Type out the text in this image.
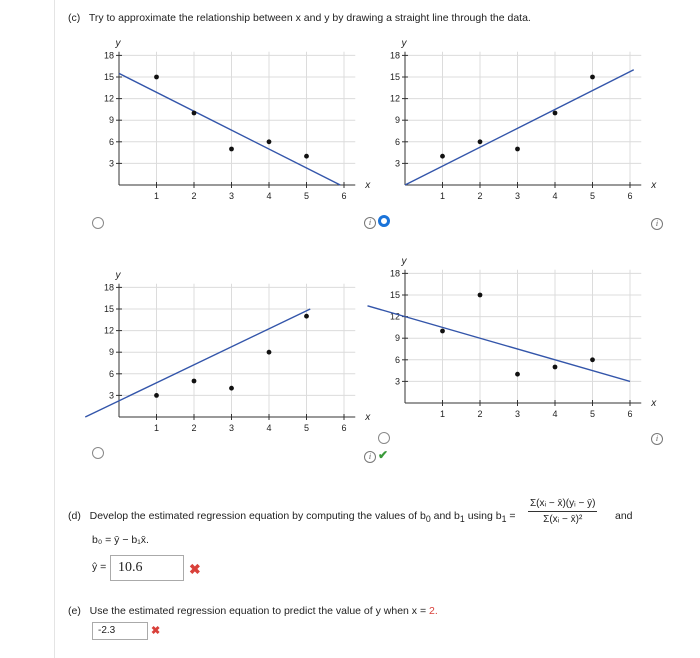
(c) Try to approximate the relationship between x and y by drawing a straight line through the data.
1	2	3	4	5	6
3
6
9
12
15
18
x
y
1	2	3	4	5	6
3
6
9
12
15
18
x
y
1	2	3	4	5	6
3
6
9
12
15
18
x
y
1	2	3	4	5	6
3
6
9
12
15
18
x
y
i	i
i ✔
i
(d) Develop the estimated regression equation by computing the values of $b_0$ and $b_1$ using $b_1 = \frac{\text{Σ(xᵢ − x̄)(yᵢ − ȳ)}}{\text{Σ(xᵢ − x̄)²}}$ and
b₀ = ȳ − b₁x̄.
ŷ = 10.6	✖
(e) Use the estimated regression equation to predict the value of y when x = 2.
-2.3	✖
